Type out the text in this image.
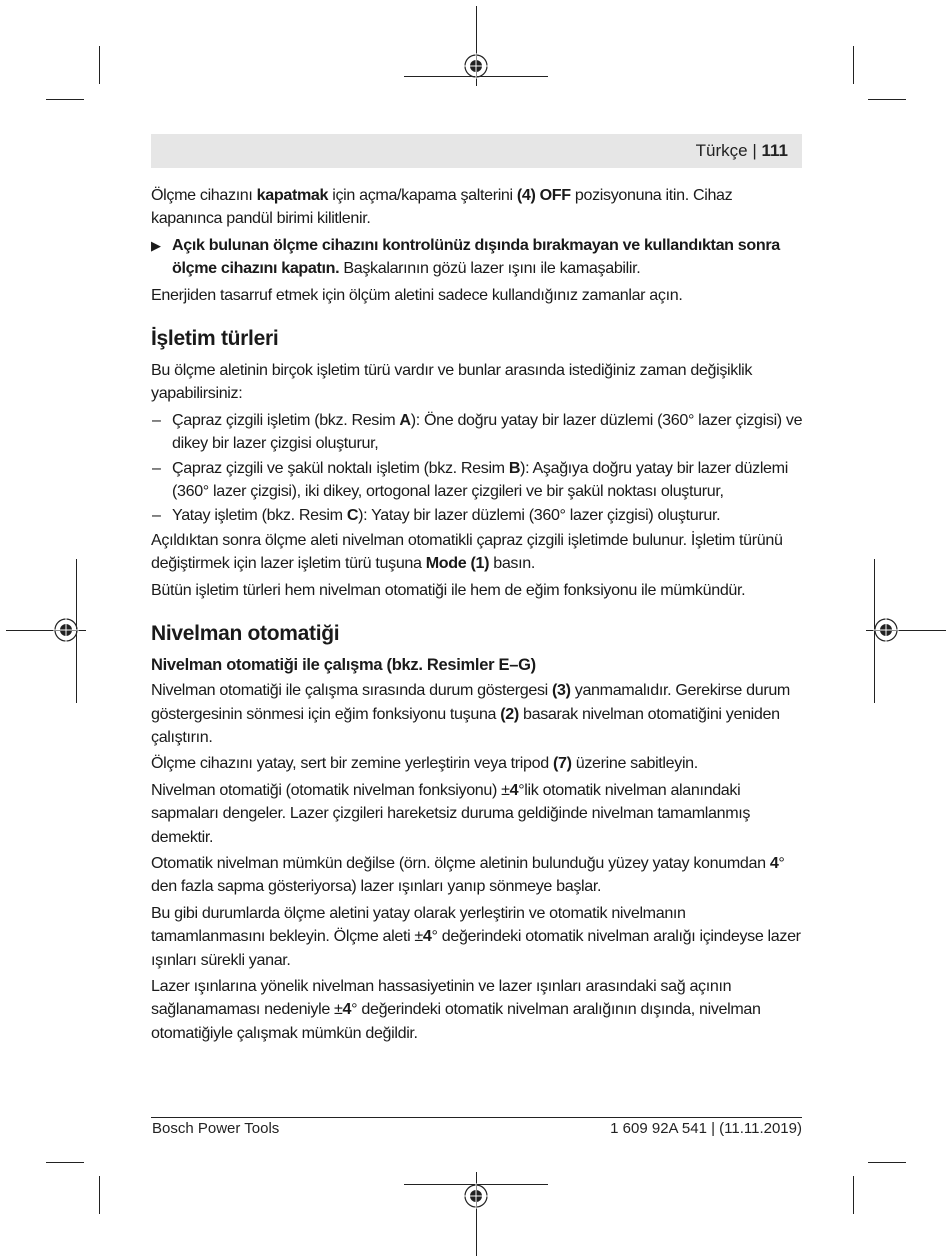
Türkçe | 111

Ölçme cihazını kapatmak için açma/kapama şalterini (4) OFF pozisyonuna itin. Cihaz kapanınca pandül birimi kilitlenir.

▶ Açık bulunan ölçme cihazını kontrolünüz dışında bırakmayan ve kullandıktan sonra ölçme cihazını kapatın. Başkalarının gözü lazer ışını ile kamaşabilir.

Enerjiden tasarruf etmek için ölçüm aletini sadece kullandığınız zamanlar açın.

İşletim türleri

Bu ölçme aletinin birçok işletim türü vardır ve bunlar arasında istediğiniz zaman değişiklik yapabilirsiniz:

– Çapraz çizgili işletim (bkz. Resim A): Öne doğru yatay bir lazer düzlemi (360° lazer çizgisi) ve dikey bir lazer çizgisi oluşturur,
– Çapraz çizgili ve şakül noktalı işletim (bkz. Resim B): Aşağıya doğru yatay bir lazer düzlemi (360° lazer çizgisi), iki dikey, ortogonal lazer çizgileri ve bir şakül noktası oluşturur,
– Yatay işletim (bkz. Resim C): Yatay bir lazer düzlemi (360° lazer çizgisi) oluşturur.

Açıldıktan sonra ölçme aleti nivelman otomatikli çapraz çizgili işletimde bulunur. İşletim türünü değiştirmek için lazer işletim türü tuşuna Mode (1) basın.

Bütün işletim türleri hem nivelman otomatiği ile hem de eğim fonksiyonu ile mümkündür.

Nivelman otomatiği
Nivelman otomatiği ile çalışma (bkz. Resimler E–G)

Nivelman otomatiği ile çalışma sırasında durum göstergesi (3) yanmamalıdır. Gerekirse durum göstergesinin sönmesi için eğim fonksiyonu tuşuna (2) basarak nivelman otomatiğini yeniden çalıştırın.

Ölçme cihazını yatay, sert bir zemine yerleştirin veya tripod (7) üzerine sabitleyin.

Nivelman otomatiği (otomatik nivelman fonksiyonu) ±4°lik otomatik nivelman alanındaki sapmaları dengeler. Lazer çizgileri hareketsiz duruma geldiğinde nivelman tamamlanmış demektir.

Otomatik nivelman mümkün değilse (örn. ölçme aletinin bulunduğu yüzey yatay konumdan 4° den fazla sapma gösteriyorsa) lazer ışınları yanıp sönmeye başlar.

Bu gibi durumlarda ölçme aletini yatay olarak yerleştirin ve otomatik nivelmanın tamamlanmasını bekleyin. Ölçme aleti ±4° değerindeki otomatik nivelman aralığı içindeyse lazer ışınları sürekli yanar.

Lazer ışınlarına yönelik nivelman hassasiyetinin ve lazer ışınları arasındaki sağ açının sağlanamaması nedeniyle ±4° değerindeki otomatik nivelman aralığının dışında, nivelman otomatiğiyle çalışmak mümkün değildir.

Bosch Power Tools	1 609 92A 541 | (11.11.2019)
